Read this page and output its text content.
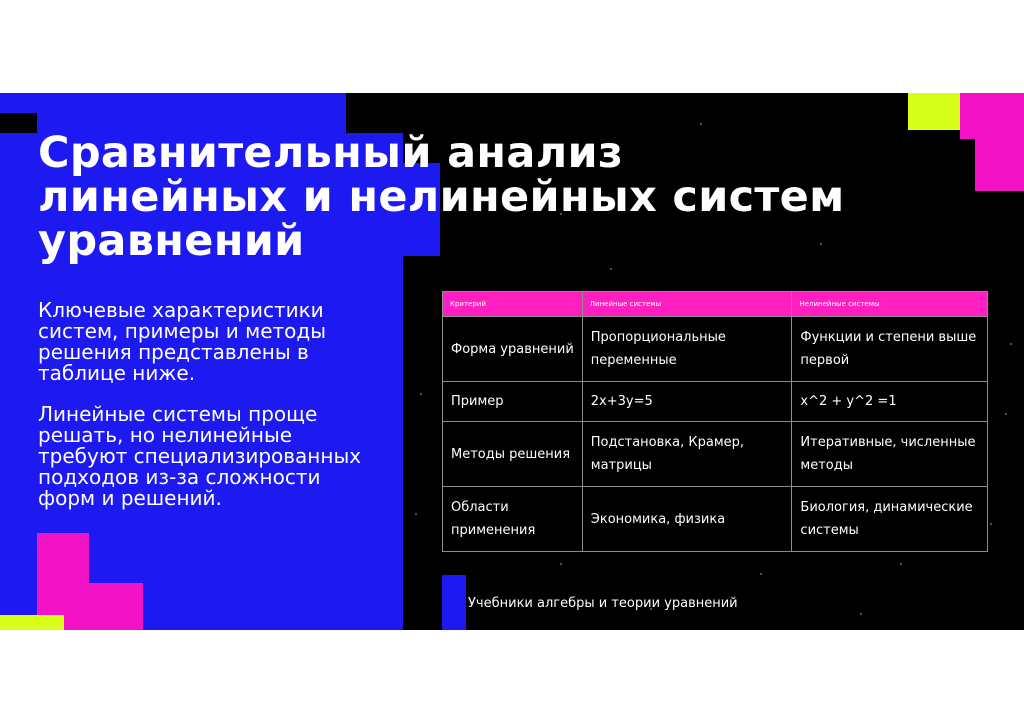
Сравнительный анализ
линейных и нелинейных систем
уравнений

Ключевые характеристики систем, примеры и методы решения представлены в таблице ниже.

Линейные системы проще решать, но нелинейные требуют специализированных подходов из-за сложности форм и решений.

Критерий	Линейные системы	Нелинейные системы
Форма уравнений	Пропорциональные переменные	Функции и степени выше первой
Пример	2x+3y=5	x^2 + y^2 =1
Методы решения	Подстановка, Крамер, матрицы	Итеративные, численные методы
Области применения	Экономика, физика	Биология, динамические системы

Учебники алгебры и теории уравнений
